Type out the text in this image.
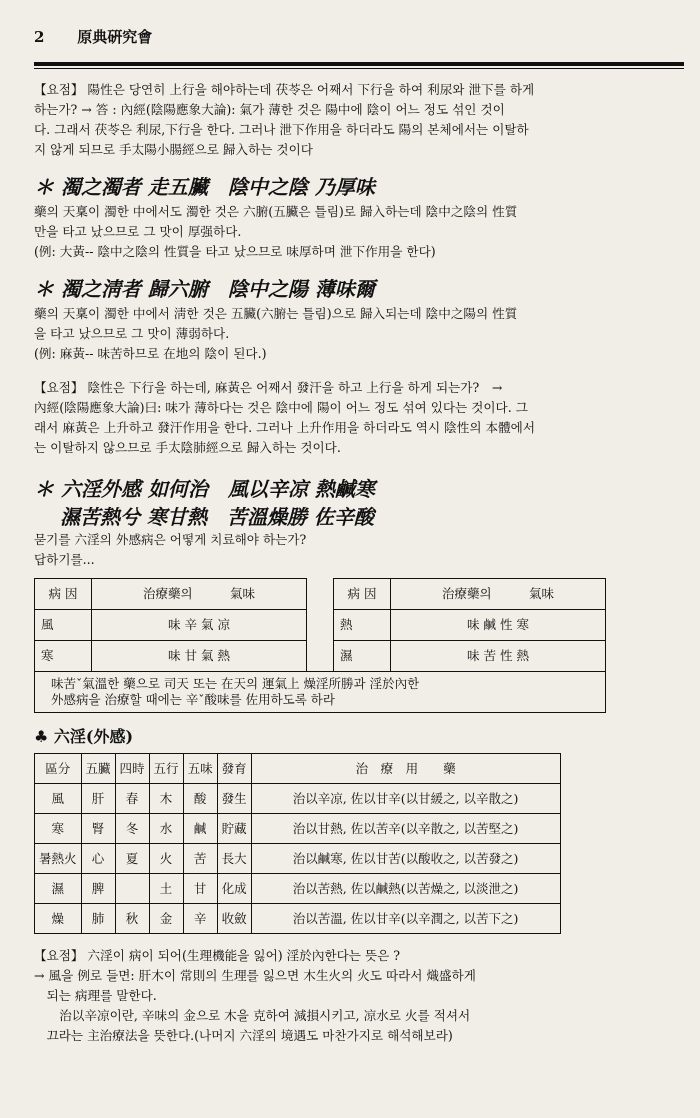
2 原典硏究會

【요점】 陽性은 당연히 上行을 해야하는데 茯苓은 어째서 下行을 하여 利尿와 泄下를 하게

하는가? → 答 : 內經(陰陽應象大論): 氣가 薄한 것은 陽中에 陰이 어느 정도 섞인 것이

다. 그래서 茯苓은 利尿,下行을 한다. 그러나 泄下作用을 하더라도 陽의 본체에서는 이탈하

지 않게 되므로 手太陽小腸經으로 歸入하는 것이다

＊ 濁之濁者 走五臟　陰中之陰 乃厚味

藥의 天稟이 濁한 中에서도 濁한 것은 六腑(五臟은 틀림)로 歸入하는데 陰中之陰의 性質

만을 타고 났으므로 그 맛이 厚强하다.

(例: 大黃-- 陰中之陰의 性質을 타고 났으므로 味厚하며 泄下作用을 한다)

＊ 濁之淸者 歸六腑　陰中之陽 薄味爾

藥의 天稟이 濁한 中에서 淸한 것은 五臟(六腑는 틀림)으로 歸入되는데 陰中之陽의 性質

을 타고 났으므로 그 맛이 薄弱하다.

(例: 麻黃-- 味苦하므로 在地의 陰이 된다.)

【요점】 陰性은 下行을 하는데, 麻黃은 어째서 發汗을 하고 上行을 하게 되는가?　→

內經(陰陽應象大論)曰: 味가 薄하다는 것은 陰中에 陽이 어느 정도 섞여 있다는 것이다. 그

래서 麻黃은 上升하고 發汗作用을 한다. 그러나 上升作用을 하더라도 역시 陰性의 本體에서

는 이탈하지 않으므로 手太陰肺經으로 歸入하는 것이다.

＊ 六淫外感 如何治　風以辛凉 熱鹹寒
濕苦熱兮 寒甘熱　苦溫燥勝 佐辛酸

묻기를 六淫의 外感病은 어떻게 치료해야 하는가?

답하기를...

病 因	治療藥의　　　氣味		病 因	治療藥의　　　氣味
風	味 辛 氣 凉		熱	味 鹹 性 寒
寒	味 甘 氣 熱		濕	味 苦 性 熱

味苦ˇ氣溫한 藥으로 司天 또는 在天의 運氣上 燥淫所勝과 淫於內한
外感病을 治療할 때에는 辛ˇ酸味를 佐用하도록 하라				
♣ 六淫(外感)
區分	五臟	四時	五行	五味	發育	治　療　用　　藥
風	肝	春	木	酸	發生	治以辛凉, 佐以甘辛(以甘緩之, 以辛散之)
寒	腎	冬	水	鹹	貯藏	治以甘熱, 佐以苦辛(以辛散之, 以苦堅之)
暑熱火	心	夏	火	苦	長大	治以鹹寒, 佐以甘苦(以酸收之, 以苦發之)
濕	脾		土	甘	化成	治以苦熱, 佐以鹹熱(以苦燥之, 以淡泄之)
燥	肺	秋	金	辛	收斂	治以苦溫, 佐以甘辛(以辛潤之, 以苦下之)

【요점】 六淫이 病이 되어(生理機能을 잃어) 淫於內한다는 뜻은 ?

→ 風을 例로 들면: 肝木이 常則의 生理를 잃으면 木生火의 火도 따라서 熾盛하게

　되는 病理를 말한다.

　　治以辛凉이란, 辛味의 金으로 木을 克하여 減損시키고, 凉水로 火를 적셔서

　끄라는 主治療法을 뜻한다.(나머지 六淫의 境遇도 마찬가지로 해석해보라)
